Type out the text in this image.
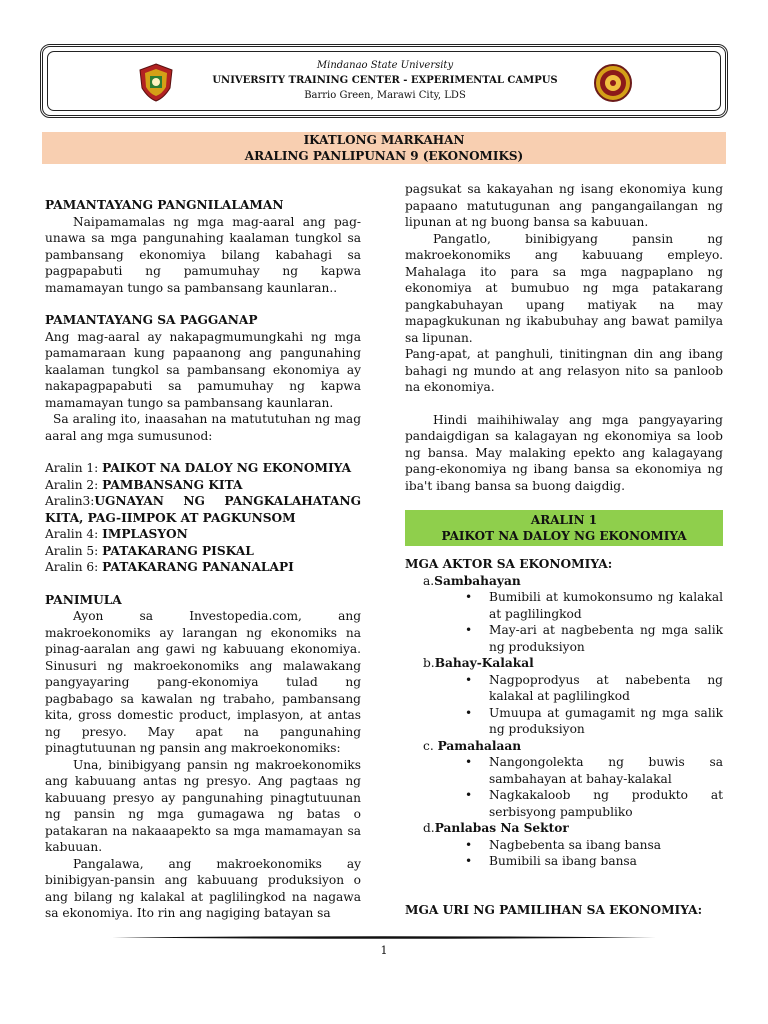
Mindanao State University
UNIVERSITY TRAINING CENTER - EXPERIMENTAL CAMPUS
Barrio Green, Marawi City, LDS
IKATLONG MARKAHAN
ARALING PANLIPUNAN 9 (EKONOMIKS)

PAMANTAYANG PANGNILALAMAN

Naipamamalas ng mga mag-aaral ang pag-unawa sa mga pangunahing kaalaman tungkol sa pambansang ekonomiya bilang kabahagi sa pagpapabuti ng pamumuhay ng kapwa mamamayan tungo sa pambansang kaunlaran..

PAMANTAYANG SA PAGGANAP

Ang mag-aaral ay nakapagmumungkahi ng mga pamamaraan kung papaanong ang pangunahing kaalaman tungkol sa pambansang ekonomiya ay nakapagpapabuti sa pamumuhay ng kapwa mamamayan tungo sa pambansang kaunlaran.

Sa araling ito, inaasahan na matututuhan ng mag aaral ang mga sumusunod:

Aralin 1: PAIKOT NA DALOY NG EKONOMIYA
Aralin 2: PAMBANSANG KITA
Aralin3:UGNAYAN NG PANGKALAHATANG KITA, PAG-IIMPOK AT PAGKUNSOM
Aralin 4: IMPLASYON
Aralin 5: PATAKARANG PISKAL
Aralin 6: PATAKARANG PANANALAPI

PANIMULA

Ayon sa Investopedia.com, ang makroekonomiks ay larangan ng ekonomiks na pinag-aaralan ang gawi ng kabuuang ekonomiya. Sinusuri ng makroekonomiks ang malawakang pangyayaring pang-ekonomiya tulad ng pagbabago sa kawalan ng trabaho, pambansang kita, gross domestic product, implasyon, at antas ng presyo. May apat na pangunahing pinagtutuunan ng pansin ang makroekonomiks:

Una, binibigyang pansin ng makroekonomiks ang kabuuang antas ng presyo. Ang pagtaas ng kabuuang presyo ay pangunahing pinagtutuunan ng pansin ng mga gumagawa ng batas o patakaran na nakaaapekto sa mga mamamayan sa kabuuan.

Pangalawa, ang makroekonomiks ay binibigyan-pansin ang kabuuang produksiyon o ang bilang ng kalakal at paglilingkod na nagawa sa ekonomiya. Ito rin ang nagiging batayan sa

pagsukat sa kakayahan ng isang ekonomiya kung papaano matutugunan ang pangangailangan ng lipunan at ng buong bansa sa kabuuan.

Pangatlo, binibigyang pansin ng makroekonomiks ang kabuuang empleyo. Mahalaga ito para sa mga nagpaplano ng ekonomiya at bumubuo ng mga patakarang pangkabuhayan upang matiyak na may mapagkukunan ng ikabubuhay ang bawat pamilya sa lipunan.

Pang-apat, at panghuli, tinitingnan din ang ibang bahagi ng mundo at ang relasyon nito sa panloob na ekonomiya.

Hindi maihihiwalay ang mga pangyayaring pandaigdigan sa kalagayan ng ekonomiya sa loob ng bansa. May malaking epekto ang kalagayang pang-ekonomiya ng ibang bansa sa ekonomiya ng iba't ibang bansa sa buong daigdig.

ARALIN 1
PAIKOT NA DALOY NG EKONOMIYA

MGA AKTOR SA EKONOMIYA:

a.Sambahayan
• Bumibili at kumokonsumo ng kalakal at paglilingkod
• May-ari at nagbebenta ng mga salik ng produksiyon
b.Bahay-Kalakal
• Nagpoprodyus at nabebenta ng kalakal at paglilingkod
• Umuupa at gumagamit ng mga salik ng produksiyon
c. Pamahalaan
• Nangongolekta ng buwis sa sambahayan at bahay-kalakal
• Nagkakaloob ng produkto at serbisyong pampubliko
d.Panlabas Na Sektor
• Nagbebenta sa ibang bansa
• Bumibili sa ibang bansa

MGA URI NG PAMILIHAN SA EKONOMIYA:

1
